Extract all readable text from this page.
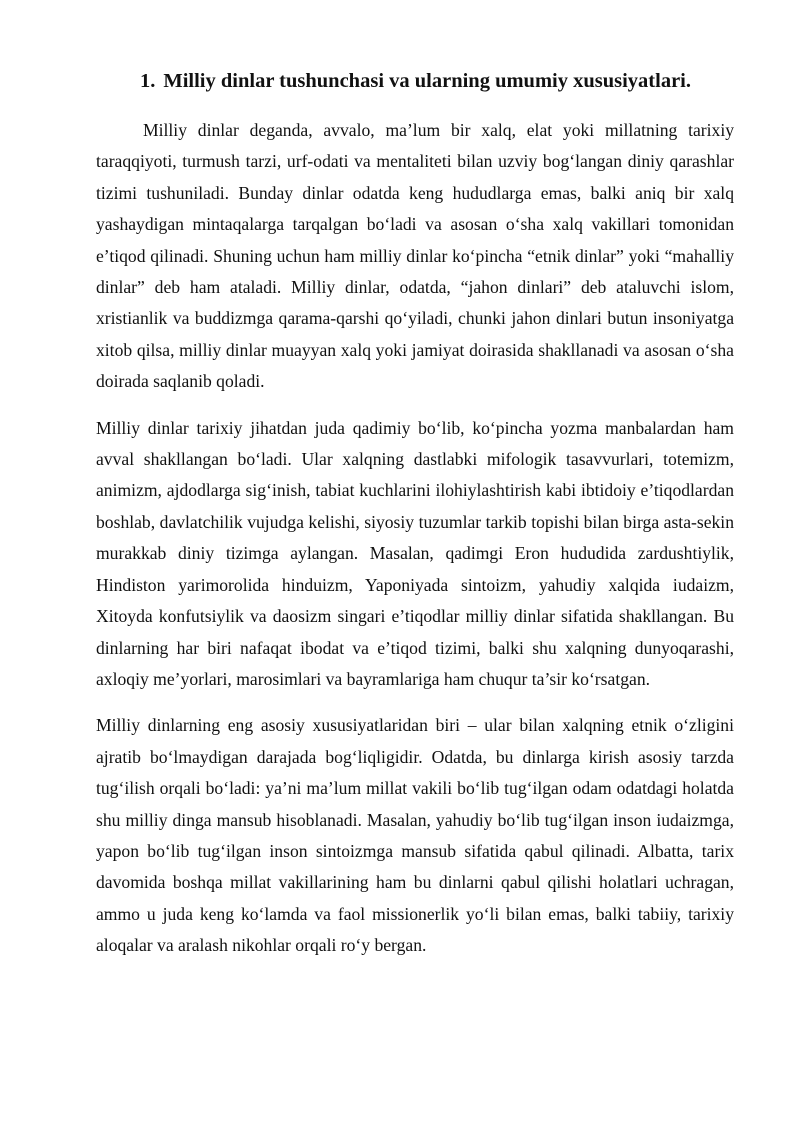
1. Milliy dinlar tushunchasi va ularning umumiy xususiyatlari.

Milliy dinlar deganda, avvalo, ma’lum bir xalq, elat yoki millatning tarixiy taraqqiyoti, turmush tarzi, urf-odati va mentaliteti bilan uzviy bog‘langan diniy qarashlar tizimi tushuniladi. Bunday dinlar odatda keng hududlarga emas, balki aniq bir xalq yashaydigan mintaqalarga tarqalgan bo‘ladi va asosan o‘sha xalq vakillari tomonidan e’tiqod qilinadi. Shuning uchun ham milliy dinlar ko‘pincha “etnik dinlar” yoki “mahalliy dinlar” deb ham ataladi. Milliy dinlar, odatda, “jahon dinlari” deb ataluvchi islom, xristianlik va buddizmga qarama-qarshi qo‘yiladi, chunki jahon dinlari butun insoniyatga xitob qilsa, milliy dinlar muayyan xalq yoki jamiyat doirasida shakllanadi va asosan o‘sha doirada saqlanib qoladi.

Milliy dinlar tarixiy jihatdan juda qadimiy bo‘lib, ko‘pincha yozma manbalardan ham avval shakllangan bo‘ladi. Ular xalqning dastlabki mifologik tasavvurlari, totemizm, animizm, ajdodlarga sig‘inish, tabiat kuchlarini ilohiylashtirish kabi ibtidoiy e’tiqodlardan boshlab, davlatchilik vujudga kelishi, siyosiy tuzumlar tarkib topishi bilan birga asta-sekin murakkab diniy tizimga aylangan. Masalan, qadimgi Eron hududida zardushtiylik, Hindiston yarimorolida hinduizm, Yaponiyada sintoizm, yahudiy xalqida iudaizm, Xitoyda konfutsiylik va daosizm singari e’tiqodlar milliy dinlar sifatida shakllangan. Bu dinlarning har biri nafaqat ibodat va e’tiqod tizimi, balki shu xalqning dunyoqarashi, axloqiy me’yorlari, marosimlari va bayramlariga ham chuqur ta’sir ko‘rsatgan.

Milliy dinlarning eng asosiy xususiyatlaridan biri – ular bilan xalqning etnik o‘zligini ajratib bo‘lmaydigan darajada bog‘liqligidir. Odatda, bu dinlarga kirish asosiy tarzda tug‘ilish orqali bo‘ladi: ya’ni ma’lum millat vakili bo‘lib tug‘ilgan odam odatdagi holatda shu milliy dinga mansub hisoblanadi. Masalan, yahudiy bo‘lib tug‘ilgan inson iudaizmga, yapon bo‘lib tug‘ilgan inson sintoizmga mansub sifatida qabul qilinadi. Albatta, tarix davomida boshqa millat vakillarining ham bu dinlarni qabul qilishi holatlari uchragan, ammo u juda keng ko‘lamda va faol missionerlik yo‘li bilan emas, balki tabiiy, tarixiy aloqalar va aralash nikohlar orqali ro‘y bergan.
